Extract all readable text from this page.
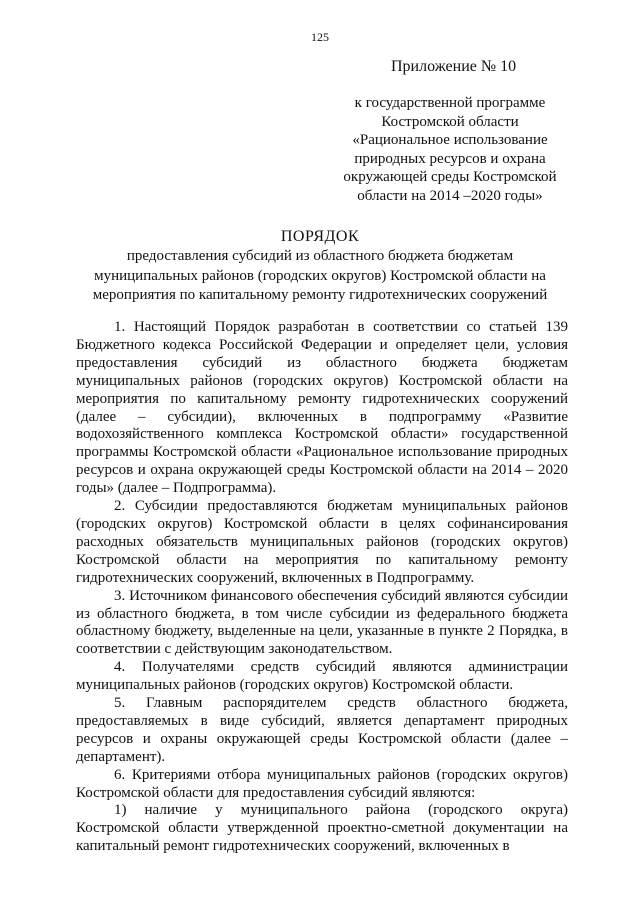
125
Приложение № 10
к государственной программе
Костромской области
«Рациональное использование
природных ресурсов и охрана
окружающей среды Костромской
области на 2014 –2020 годы»
ПОРЯДОК
предоставления субсидий из областного бюджета бюджетам
муниципальных районов (городских округов) Костромской области на
мероприятия по капитальному ремонту гидротехнических сооружений

1. Настоящий Порядок разработан в соответствии со статьей 139 Бюджетного кодекса Российской Федерации и определяет цели, условия предоставления субсидий из областного бюджета бюджетам муниципальных районов (городских округов) Костромской области на мероприятия по капитальному ремонту гидротехнических сооружений (далее – субсидии), включенных в подпрограмму «Развитие водохозяйственного комплекса Костромской области» государственной программы Костромской области «Рациональное использование природных ресурсов и охрана окружающей среды Костромской области на 2014 – 2020 годы» (далее – Подпрограмма).

2. Субсидии предоставляются бюджетам муниципальных районов (городских округов) Костромской области в целях софинансирования расходных обязательств муниципальных районов (городских округов) Костромской области на мероприятия по капитальному ремонту гидротехнических сооружений, включенных в Подпрограмму.

3. Источником финансового обеспечения субсидий являются субсидии из областного бюджета, в том числе субсидии из федерального бюджета областному бюджету, выделенные на цели, указанные в пункте 2 Порядка, в соответствии с действующим законодательством.

4. Получателями средств субсидий являются администрации муниципальных районов (городских округов) Костромской области.

5. Главным распорядителем средств областного бюджета, предоставляемых в виде субсидий, является департамент природных ресурсов и охраны окружающей среды Костромской области (далее – департамент).

6. Критериями отбора муниципальных районов (городских округов) Костромской области для предоставления субсидий являются:

1) наличие у муниципального района (городского округа) Костромской области утвержденной проектно-сметной документации на капитальный ремонт гидротехнических сооружений, включенных в
